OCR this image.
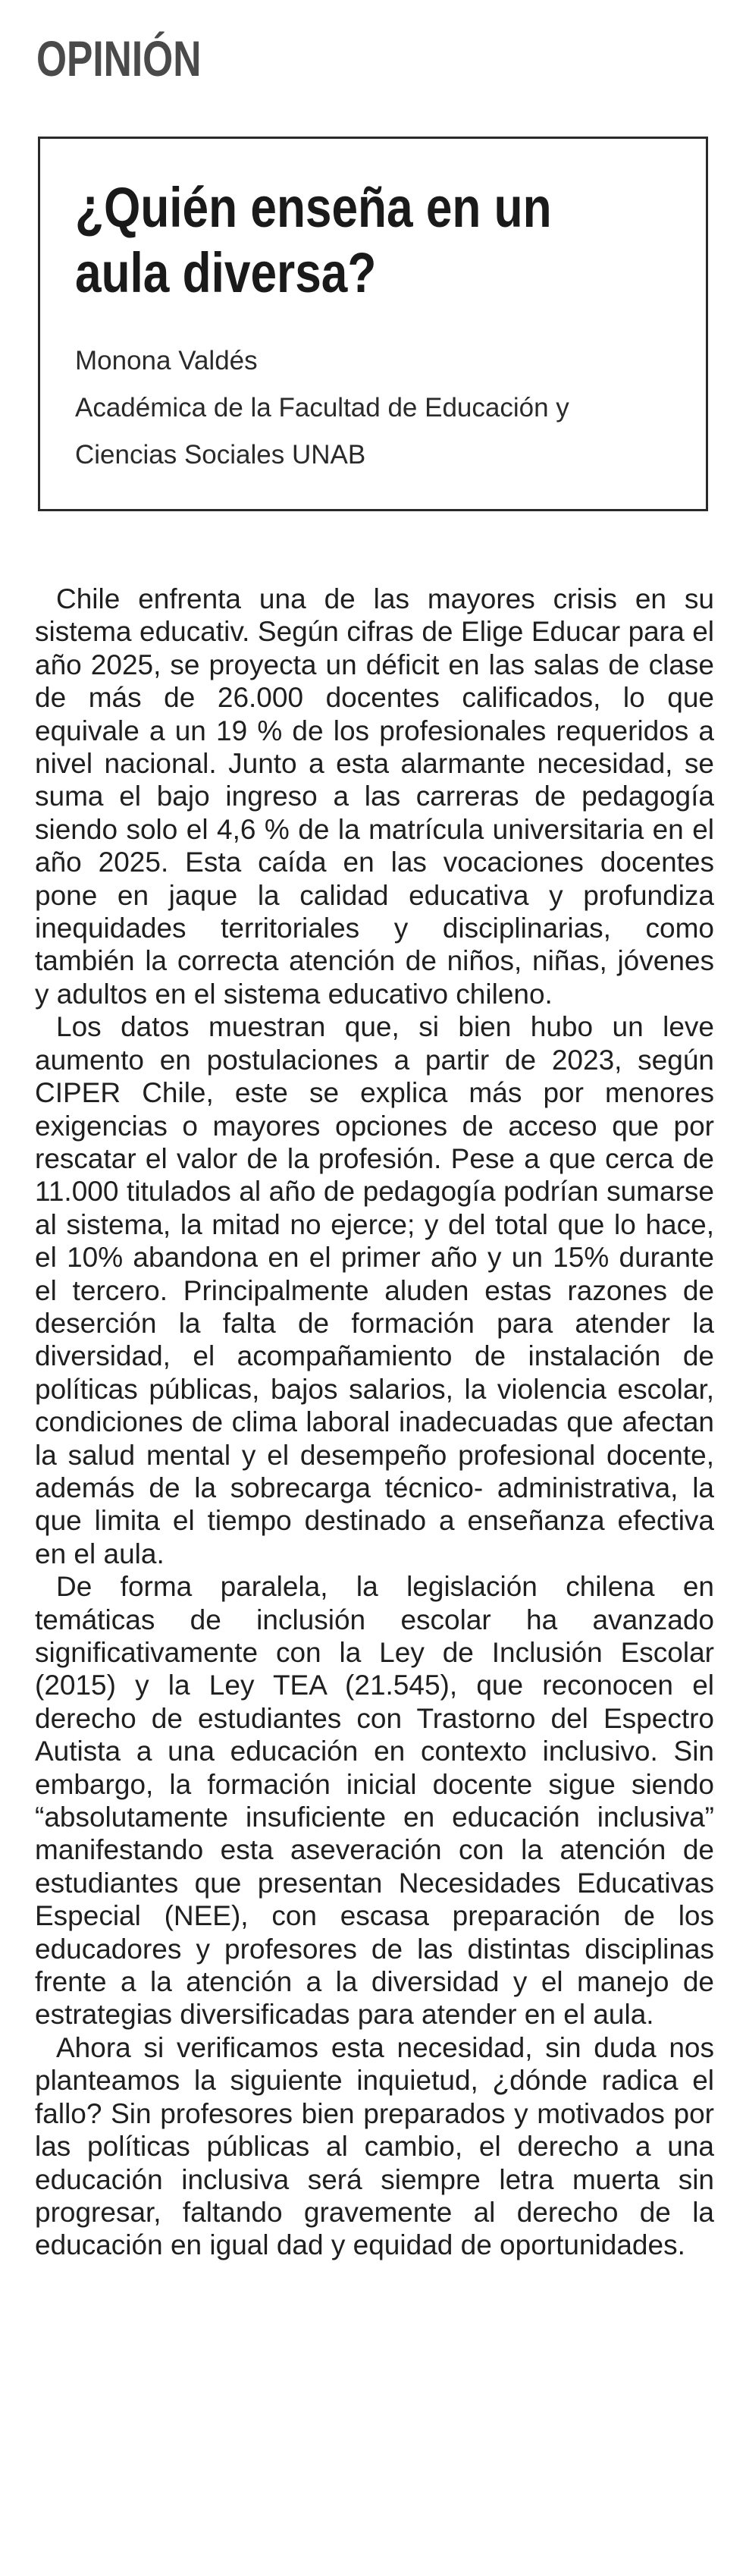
OPINIÓN
¿Quién enseña en un aula diversa?
Monona Valdés
Académica de la Facultad de Educación y
Ciencias Sociales UNAB

Chile enfrenta una de las mayores crisis en su sistema educativ. Según cifras de Elige Educar para el año 2025, se proyecta un déficit en las salas de clase de más de 26.000 docentes calificados, lo que equivale a un 19 % de los profesionales requeridos a nivel nacional. Junto a esta alarmante necesidad, se suma el bajo ingreso a las carreras de pedagogía siendo solo el 4,6 % de la matrícula universitaria en el año 2025. Esta caída en las vocaciones docentes pone en jaque la calidad educativa y profundiza inequidades territoriales y disciplinarias, como también la correcta atención de niños, niñas, jóvenes y adultos en el sistema educativo chileno.

Los datos muestran que, si bien hubo un leve aumento en postulaciones a partir de 2023, según CIPER Chile, este se explica más por menores exigencias o mayores opciones de acceso que por rescatar el valor de la profesión. Pese a que cerca de 11.000 titulados al año de pedagogía podrían sumarse al sistema, la mitad no ejerce; y del total que lo hace, el 10% abandona en el primer año y un 15% durante el tercero. Principalmente aluden estas razones de deserción la falta de formación para atender la diversidad, el acompañamiento de instalación de políticas públicas, bajos salarios, la violencia escolar, condiciones de clima laboral inadecuadas que afectan la salud mental y el desempeño profesional docente, además de la sobrecarga técnico- administrativa, la que limita el tiempo destinado a enseñanza efectiva en el aula.

De forma paralela, la legislación chilena en temáticas de inclusión escolar ha avanzado significativamente con la Ley de Inclusión Escolar (2015) y la Ley TEA (21.545), que reconocen el derecho de estudiantes con Trastorno del Espectro Autista a una educación en contexto inclusivo. Sin embargo, la formación inicial docente sigue siendo “absolutamente insuficiente en educación inclusiva” manifestando esta aseveración con la atención de estudiantes que presentan Necesidades Educativas Especial (NEE), con escasa preparación de los educadores y profesores de las distintas disciplinas frente a la atención a la diversidad y el manejo de estrategias diversificadas para atender en el aula.

Ahora si verificamos esta necesidad, sin duda nos planteamos la siguiente inquietud, ¿dónde radica el fallo? Sin profesores bien preparados y motivados por las políticas públicas al cambio, el derecho a una educación inclusiva será siempre letra muerta sin progresar, faltando gravemente al derecho de la educación en igual dad y equidad de oportunidades.
